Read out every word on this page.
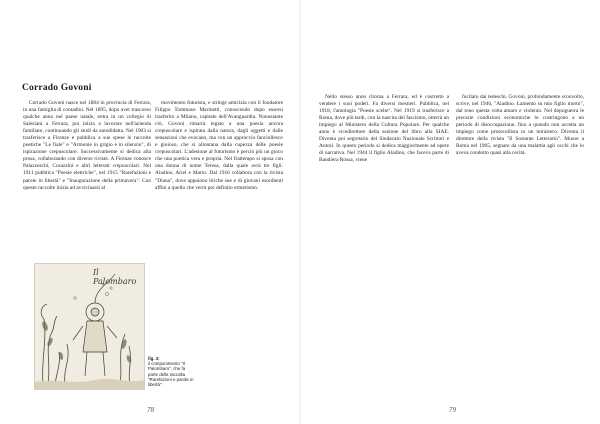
Corrado Govoni

Corrado Govoni nasce nel 1884 in provincia di Ferrara, in una famiglia di contadini. Nel 1895, dopo aver trascorso qualche anno nel paese natale, entra in un collegio di Salesiani a Ferrara, poi inizia a lavorare nell'azienda familiare, continuando gli studi da autodidatta. Nel 1903 si trasferisce a Firenze e pubblica a sue spese le raccolte poetiche "Le fiale" e "Armonie in grigio e in silenzio", di ispirazione crepuscolare. Successivamente si dedica alla prosa, collaborando con diverse riviste. A Firenze conosce Palazzeschi, Corazzini e altri letterati crepuscolari. Nel 1911 pubblica "Poesie elettriche", nel 1915 "Rarefazioni e parole in libertà" e "Inaugurazione della primavera". Con queste raccolte inizia ad avvicinarsi al

movimento futurista, e stringe amicizia con il fondatore Filippo Tommaso Marinetti, conoscendo dopo essersi trasferito a Milano, capitale dell'Avanguardia. Nonostante ciò, Govoni rimarrà legato a una poesia ancora crepuscolare e ispirata dalla natura, dagli oggetti e dalle sensazioni che evocano, ma con un approccio fanciullesco e gioioso, che si allontana dalla cupezza delle poesie crepuscolari. L'adesione al futurismo è perciò più un gioco che una poetica vera e propria. Nel frattempo si sposa con una donna di nome Teresa, dalla quale avrà tre figli: Aladino, Ariel e Mario. Dal 1916 collabora con la rivista "Diana", dove appaiono liriche sue e di giovani esordienti affini a quello che verrà poi definito ermetismo.

Nello stesso anno ritorna a Ferrara, ed è costretto a vendere i suoi poderi. Fa diversi mestieri. Pubblica, nel 1918, l'antologia "Poesie scelte". Nel 1919 si trasferisce a Roma, dove più tardi, con la nascita del fascismo, otterrà un impiego al Ministero della Cultura Popolare. Per qualche anno è vicedirettore della sezione del libro alla SIAE. Diventa poi segretario del Sindacato Nazionale Scrittori e Autori. In questo periodo si dedica maggiormente ad opere di narrativa. Nel 1944 il figlio Aladino, che faceva parte di Bandiera Rossa, viene

fucilato dai tedeschi. Govoni, profondamente sconvolto, scrive, nel 1946, "Aladino. Lamento su mio figlio morto", dal tono questa volta amaro e violento. Nel dopoguerra le precarie condizioni economiche lo costringono a un periodo di disoccupazione, fino a quando non accetta un impiego come protocollista in un ministero. Diventa il direttore della rivista "Il Sostante Letterario". Muore a Roma nel 1965, segnato da una malattia agli occhi che lo aveva condotto quasi alla cecità.

Il Palombaro
fig. 3:
il componimento "Il Palombaro", che fa parte della raccolta "Rarefazioni e parole in libertà".
78	79
